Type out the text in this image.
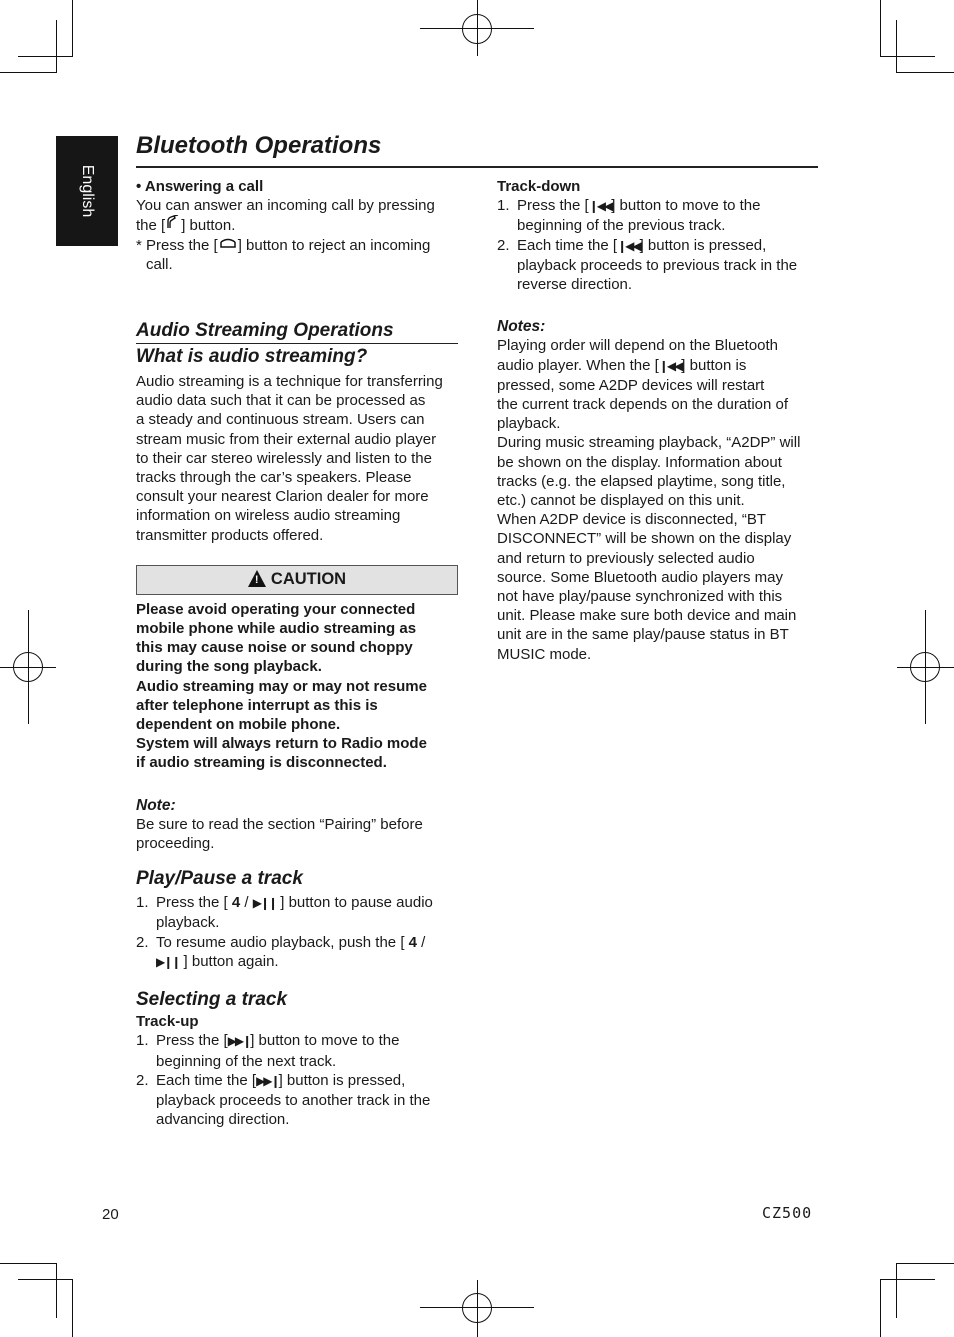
English
Bluetooth Operations
• Answering a call
You can answer an incoming call by pressing
the [ ] button.
* Press the [ ] button to reject an incoming
call.
Audio Streaming Operations
What is audio streaming?
Audio streaming is a technique for transferring
audio data such that it can be processed as
a steady and continuous stream. Users can
stream music from their external audio player
to their car stereo wirelessly and listen to the
tracks through the car’s speakers. Please
consult your nearest Clarion dealer for more
information on wireless audio streaming
transmitter products offered.
! CAUTION
Please avoid operating your connected
mobile phone while audio streaming as
this may cause noise or sound choppy
during the song playback.
Audio streaming may or may not resume
after telephone interrupt as this is
dependent on mobile phone.
System will always return to Radio mode
if audio streaming is disconnected.
Note:
Be sure to read the section “Pairing” before
proceeding.
Play/Pause a track
1. Press the [ 4 / ▶❙❙ ] button to pause audio
playback.
2. To resume audio playback, push the [ 4 /
▶❙❙ ] button again.
Selecting a track
Track-up
1. Press the [▶▶❙] button to move to the
beginning of the next track.
2. Each time the [▶▶❙] button is pressed,
playback proceeds to another track in the
advancing direction.
Track-down
1. Press the [❙◀◀] button to move to the
beginning of the previous track.
2. Each time the [❙◀◀] button is pressed,
playback proceeds to previous track in the
reverse direction.
Notes:
Playing order will depend on the Bluetooth
audio player. When the [❙◀◀] button is
pressed, some A2DP devices will restart
the current track depends on the duration of
playback.
During music streaming playback, “A2DP” will
be shown on the display. Information about
tracks (e.g. the elapsed playtime, song title,
etc.) cannot be displayed on this unit.
When A2DP device is disconnected, “BT
DISCONNECT” will be shown on the display
and return to previously selected audio
source. Some Bluetooth audio players may
not have play/pause synchronized with this
unit. Please make sure both device and main
unit are in the same play/pause status in BT
MUSIC mode.
20	CZ500
